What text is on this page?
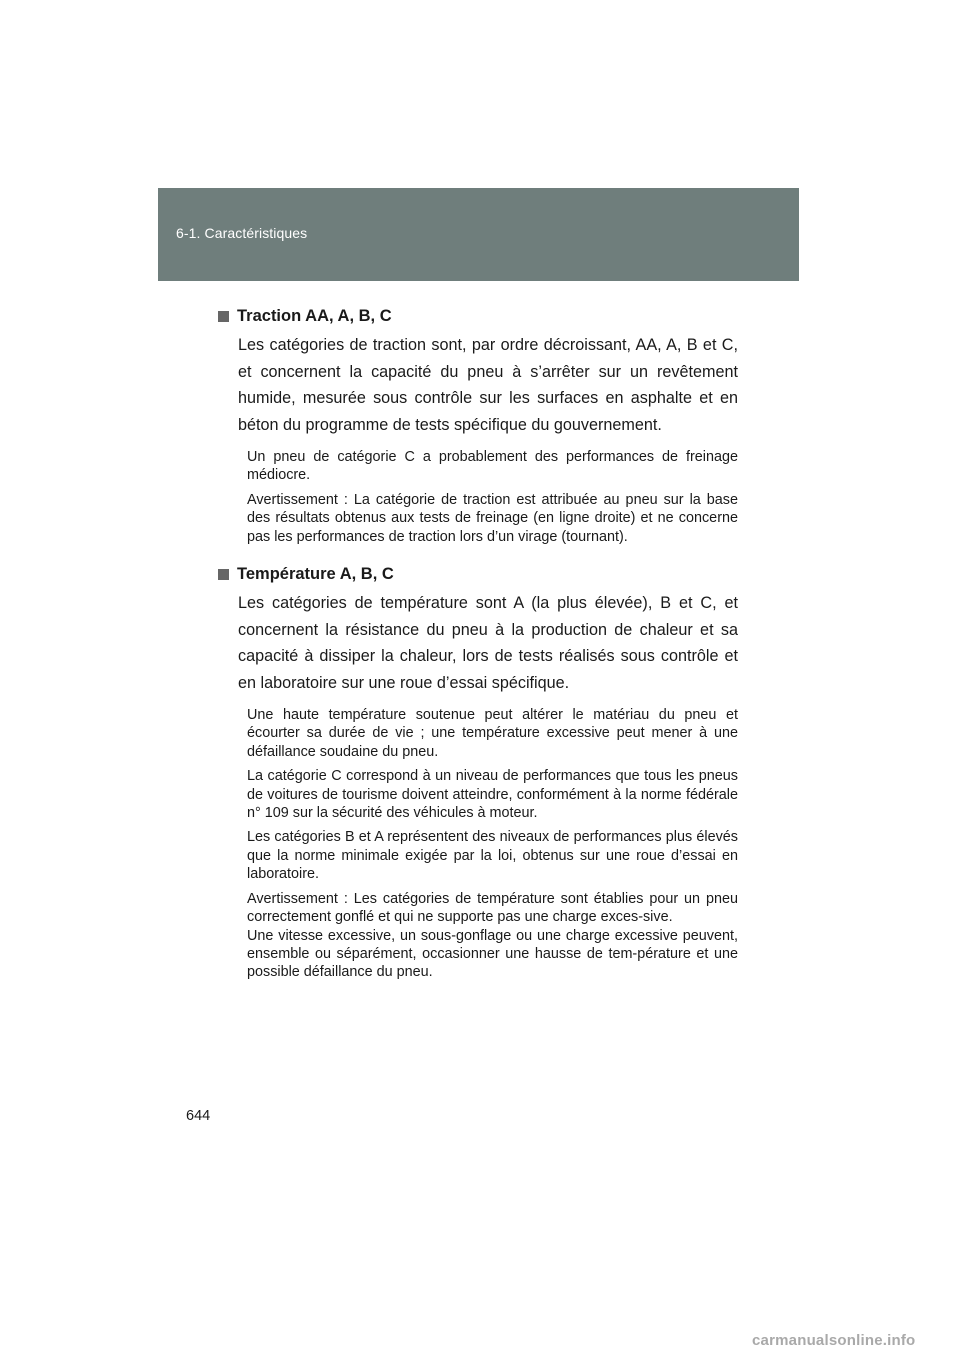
6-1. Caractéristiques
Traction AA, A, B, C

Les catégories de traction sont, par ordre décroissant, AA, A, B et C, et concernent la capacité du pneu à s’arrêter sur un revêtement humide, mesurée sous contrôle sur les surfaces en asphalte et en béton du programme de tests spécifique du gouvernement.

Un pneu de catégorie C a probablement des performances de freinage médiocre.

Avertissement : La catégorie de traction est attribuée au pneu sur la base des résultats obtenus aux tests de freinage (en ligne droite) et ne concerne pas les performances de traction lors d’un virage (tournant).

Température A, B, C

Les catégories de température sont A (la plus élevée), B et C, et concernent la résistance du pneu à la production de chaleur et sa capacité à dissiper la chaleur, lors de tests réalisés sous contrôle et en laboratoire sur une roue d’essai spécifique.

Une haute température soutenue peut altérer le matériau du pneu et écourter sa durée de vie ; une température excessive peut mener à une défaillance soudaine du pneu.

La catégorie C correspond à un niveau de performances que tous les pneus de voitures de tourisme doivent atteindre, conformément à la norme fédérale n° 109 sur la sécurité des véhicules à moteur.

Les catégories B et A représentent des niveaux de performances plus élevés que la norme minimale exigée par la loi, obtenus sur une roue d’essai en laboratoire.

Avertissement : Les catégories de température sont établies pour un pneu correctement gonflé et qui ne supporte pas une charge exces-sive.
Une vitesse excessive, un sous-gonflage ou une charge excessive peuvent, ensemble ou séparément, occasionner une hausse de tem-pérature et une possible défaillance du pneu.

644
carmanualsonline.info
